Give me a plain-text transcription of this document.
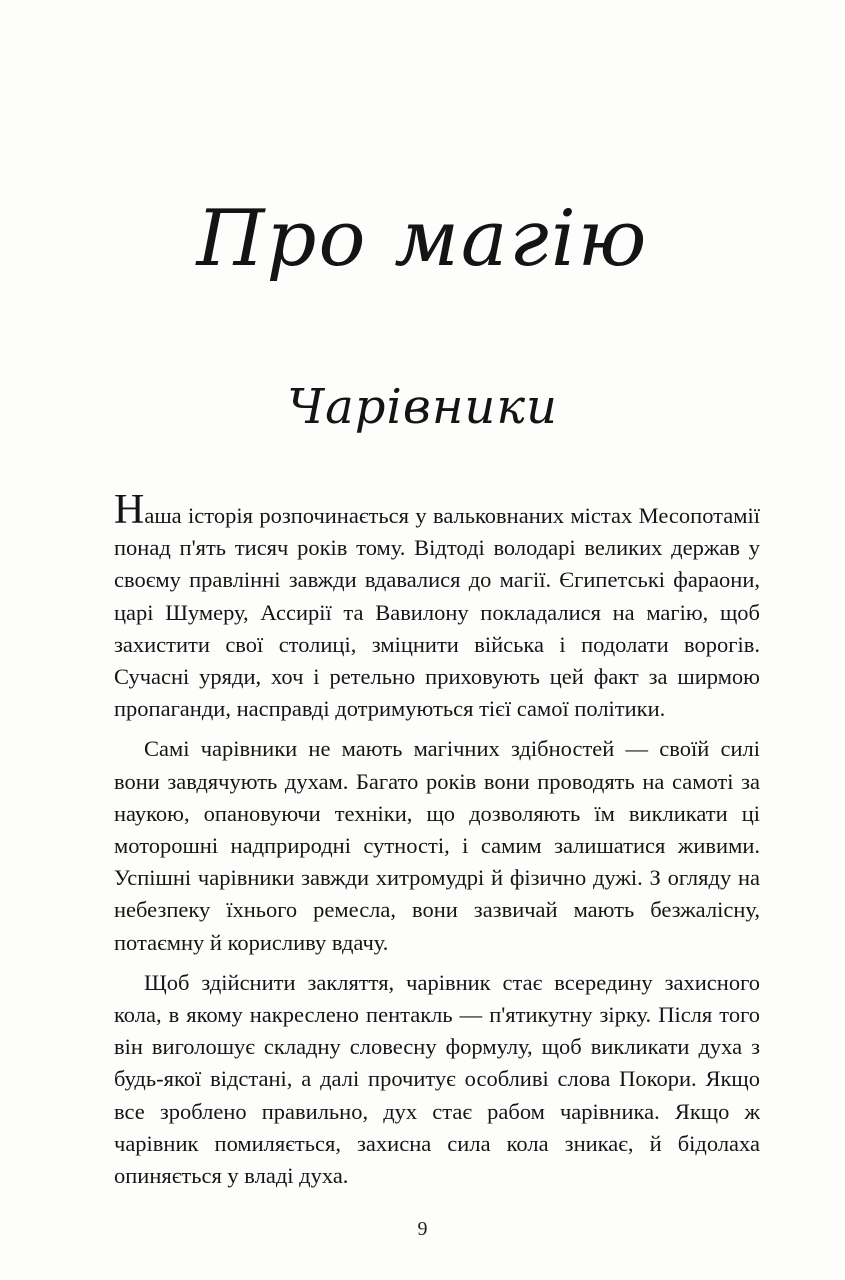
Про магію
Чарівники

Наша історія розпочинається у вальковнаних містах Месопотамії понад п'ять тисяч років тому. Відтоді володарі великих держав у своєму правлінні завжди вдавалися до магії. Єгипетські фараони, царі Шумеру, Ассирії та Вавилону покладалися на магію, щоб захистити свої столиці, зміцнити війська і подолати ворогів. Сучасні уряди, хоч і ретельно приховують цей факт за ширмою пропаганди, насправді дотримуються тієї самої політики.

Самі чарівники не мають магічних здібностей — своїй силі вони завдячують духам. Багато років вони проводять на самоті за наукою, опановуючи техніки, що дозволяють їм викликати ці моторошні надприродні сутності, і самим залишатися живими. Успішні чарівники завжди хитромудрі й фізично дужі. З огляду на небезпеку їхнього ремесла, вони зазвичай мають безжалісну, потаємну й корисливу вдачу.

Щоб здійснити закляття, чарівник стає всередину захисного кола, в якому накреслено пентакль — п'ятикутну зірку. Після того він виголошує складну словесну формулу, щоб викликати духа з будь-якої відстані, а далі прочитує особливі слова Покори. Якщо все зроблено правильно, дух стає рабом чарівника. Якщо ж чарівник помиляється, захисна сила кола зникає, й бідолаха опиняється у владі духа.

9
